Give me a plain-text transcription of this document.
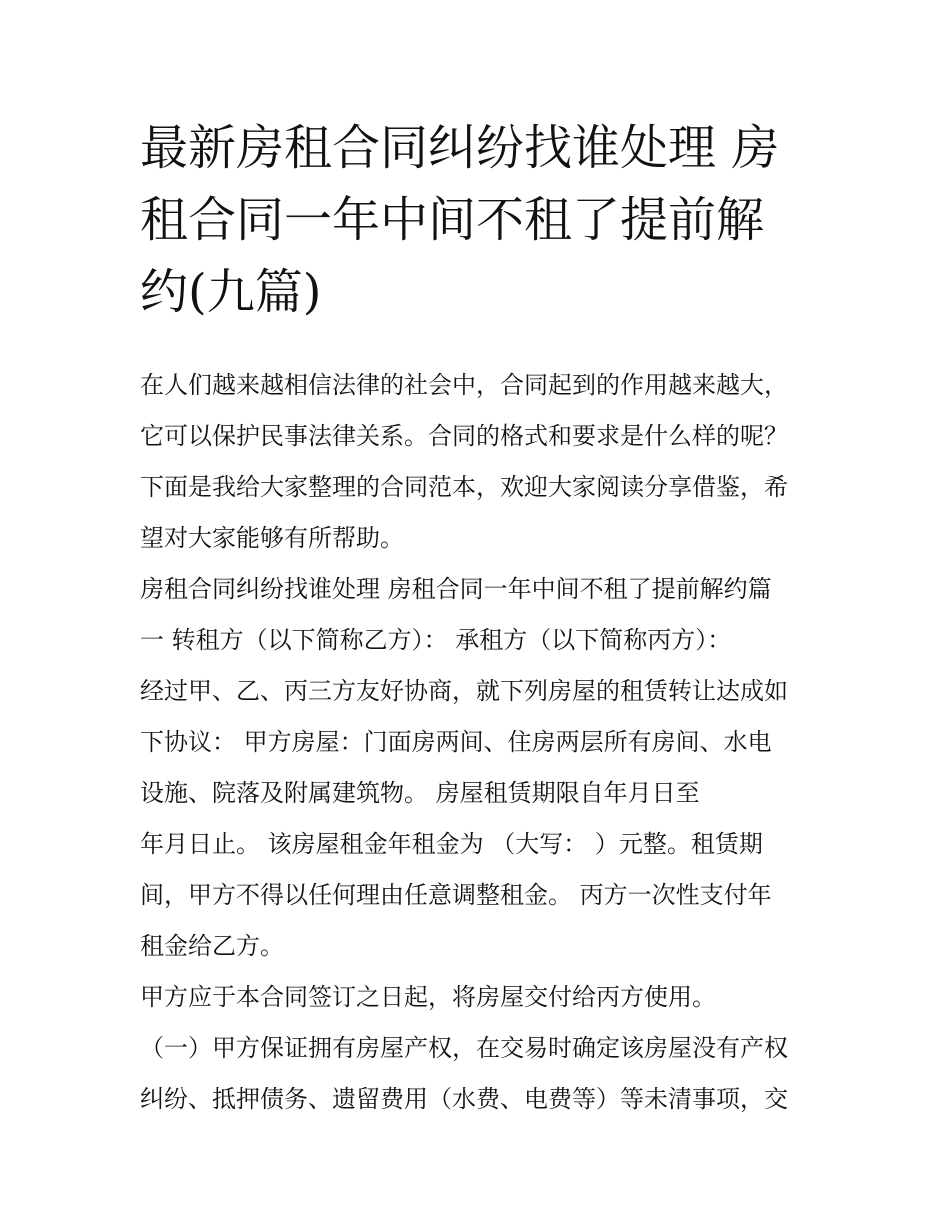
最新房租合同纠纷找谁处理 房
租合同一年中间不租了提前解
约(九篇)
在人们越来越相信法律的社会中，合同起到的作用越来越大，
它可以保护民事法律关系。合同的格式和要求是什么样的呢？
下面是我给大家整理的合同范本，欢迎大家阅读分享借鉴，希
望对大家能够有所帮助。
房租合同纠纷找谁处理 房租合同一年中间不租了提前解约篇
一 转租方（以下简称乙方）： 承租方（以下简称丙方）：
经过甲、乙、丙三方友好协商，就下列房屋的租赁转让达成如
下协议： 甲方房屋：门面房两间、住房两层所有房间、水电
设施、院落及附属建筑物。 房屋租赁期限自年月日至
年月日止。 该房屋租金年租金为 （大写： ）元整。租赁期
间，甲方不得以任何理由任意调整租金。 丙方一次性支付年
租金给乙方。
甲方应于本合同签订之日起，将房屋交付给丙方使用。
（一）甲方保证拥有房屋产权，在交易时确定该房屋没有产权
纠纷、抵押债务、遗留费用（水费、电费等）等未清事项，交
